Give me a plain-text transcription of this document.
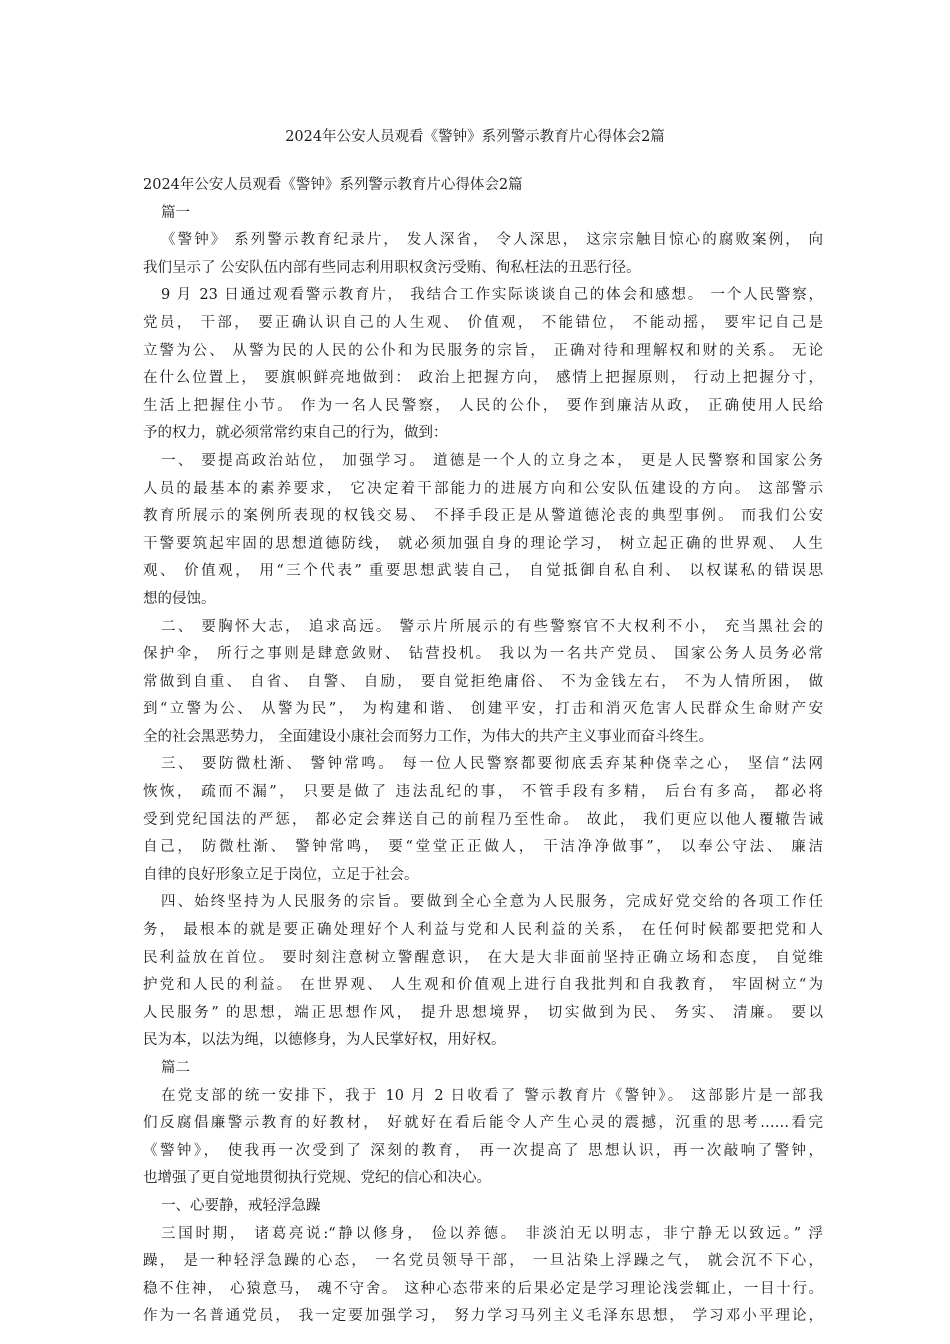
2024年公安人员观看《警钟》系列警示教育片心得体会2篇
2024年公安人员观看《警钟》系列警示教育片心得体会2篇
篇一
《警钟》 系列警示教育纪录片， 发人深省， 令人深思， 这宗宗触目惊心的腐败案例， 向
我们呈示了 公安队伍内部有些同志利用职权贪污受贿、徇私枉法的丑恶行径。
9 月 23 日通过观看警示教育片， 我结合工作实际谈谈自己的体会和感想。 一个人民警察，
党员， 干部， 要正确认识自己的人生观、 价值观， 不能错位， 不能动摇， 要牢记自己是
立警为公、 从警为民的人民的公仆和为民服务的宗旨， 正确对待和理解权和财的关系。 无论
在什么位置上， 要旗帜鲜亮地做到： 政治上把握方向， 感情上把握原则， 行动上把握分寸，
生活上把握住小节。 作为一名人民警察， 人民的公仆， 要作到廉洁从政， 正确使用人民给
予的权力，就必须常常约束自己的行为，做到：
一、 要提高政治站位， 加强学习。 道德是一个人的立身之本， 更是人民警察和国家公务
人员的最基本的素养要求， 它决定着干部能力的进展方向和公安队伍建设的方向。 这部警示
教育所展示的案例所表现的权钱交易、 不择手段正是从警道德沦丧的典型事例。 而我们公安
干警要筑起牢固的思想道德防线， 就必须加强自身的理论学习， 树立起正确的世界观、 人生
观、 价值观， 用“三个代表” 重要思想武装自己， 自觉抵御自私自利、 以权谋私的错误思
想的侵蚀。
二、 要胸怀大志， 追求高远。 警示片所展示的有些警察官不大权利不小， 充当黑社会的
保护伞， 所行之事则是肆意敛财、 钻营投机。 我以为一名共产党员、 国家公务人员务必常
常做到自重、 自省、 自警、 自励， 要自觉拒绝庸俗、 不为金钱左右， 不为人情所困， 做
到“立警为公、 从警为民”， 为构建和谐、 创建平安，打击和消灭危害人民群众生命财产安
全的社会黑恶势力， 全面建设小康社会而努力工作，为伟大的共产主义事业而奋斗终生。
三、 要防微杜渐、 警钟常鸣。 每一位人民警察都要彻底丢弃某种侥幸之心， 坚信“法网
恢恢， 疏而不漏”， 只要是做了 违法乱纪的事， 不管手段有多精， 后台有多高， 都必将
受到党纪国法的严惩， 都必定会葬送自己的前程乃至性命。 故此， 我们更应以他人覆辙告诫
自己， 防微杜渐、 警钟常鸣， 要“堂堂正正做人， 干洁净净做事”， 以奉公守法、 廉洁
自律的良好形象立足于岗位，立足于社会。
四、始终坚持为人民服务的宗旨。要做到全心全意为人民服务，完成好党交给的各项工作任
务， 最根本的就是要正确处理好个人利益与党和人民利益的关系， 在任何时候都要把党和人
民利益放在首位。 要时刻注意树立警醒意识， 在大是大非面前坚持正确立场和态度， 自觉维
护党和人民的利益。 在世界观、 人生观和价值观上进行自我批判和自我教育， 牢固树立“为
人民服务” 的思想，端正思想作风， 提升思想境界， 切实做到为民、 务实、 清廉。 要以
民为本，以法为绳，以德修身，为人民掌好权，用好权。
篇二
在党支部的统一安排下，我于 10 月 2 日收看了 警示教育片《警钟》。 这部影片是一部我
们反腐倡廉警示教育的好教材， 好就好在看后能令人产生心灵的震撼，沉重的思考……看完
《警钟》， 使我再一次受到了 深刻的教育， 再一次提高了 思想认识，再一次敲响了警钟，
也增强了更自觉地贯彻执行党规、党纪的信心和决心。
一、心要静，戒轻浮急躁
三国时期， 诸葛亮说:“静以修身， 俭以养德。 非淡泊无以明志，非宁静无以致远。” 浮
躁， 是一种轻浮急躁的心态， 一名党员领导干部， 一旦沾染上浮躁之气， 就会沉不下心，
稳不住神， 心猿意马， 魂不守舍。 这种心态带来的后果必定是学习理论浅尝辄止，一目十行。
作为一名普通党员， 我一定要加强学习， 努力学习马列主义毛泽东思想， 学习邓小平理论，
